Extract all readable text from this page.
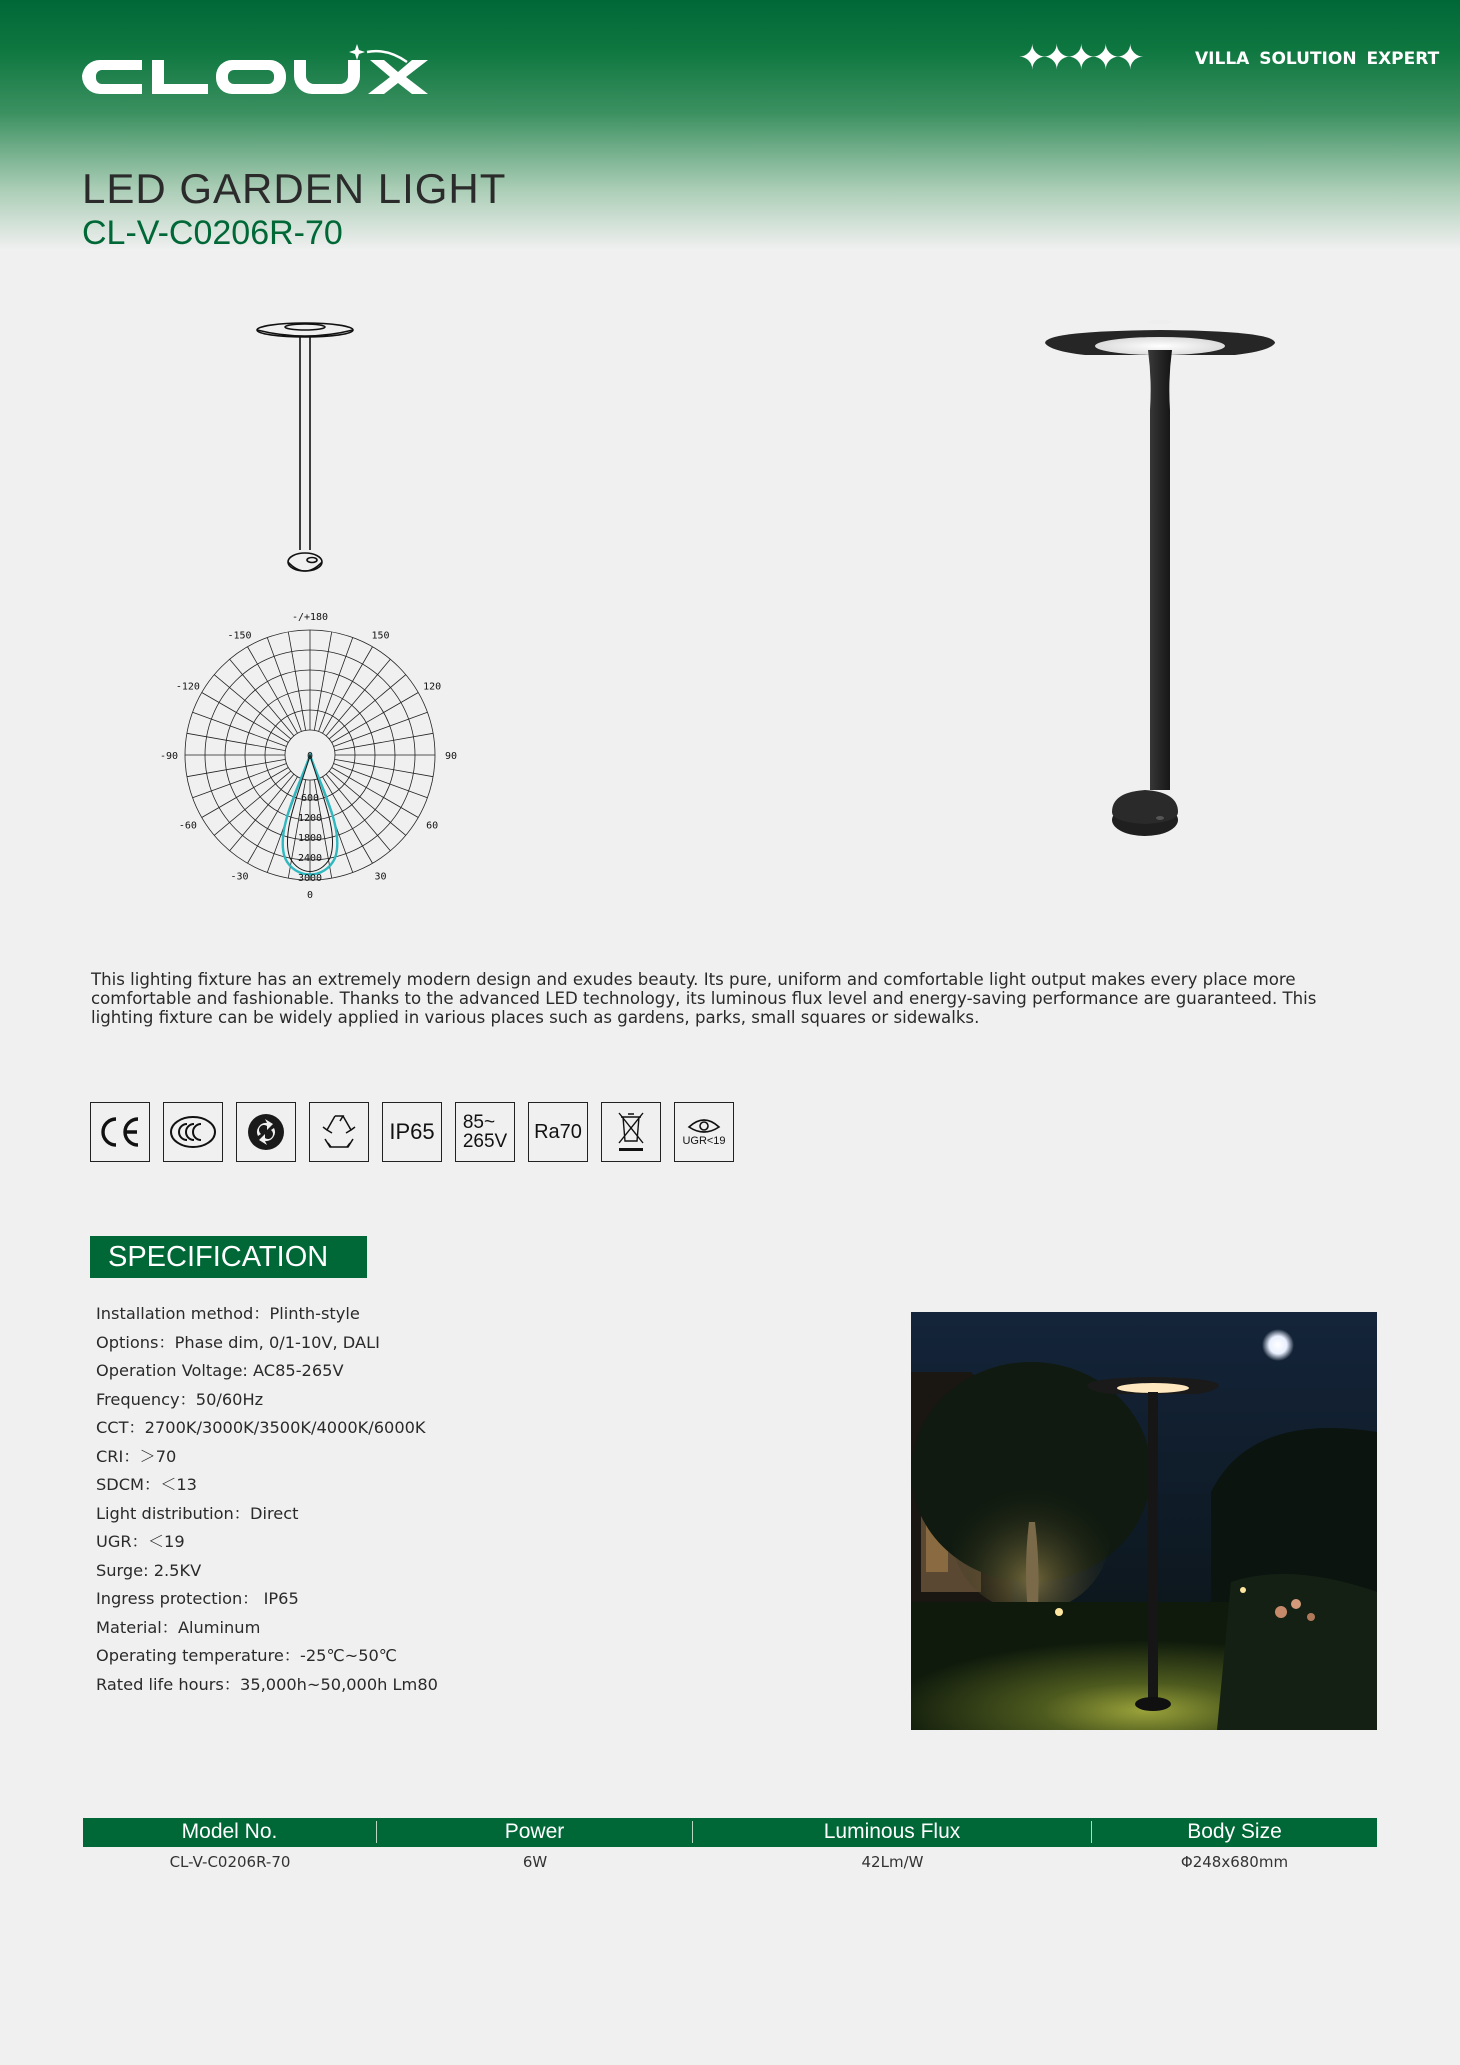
✦✦✦✦✦	VILLA SOLUTION EXPERT
LED GARDEN LIGHT
CL-V-C0206R-70
-/+180
-150	150
-120	120
-90	90
-60	60
-30	30
0
0
600
1200
1800
2400
3000
This lighting fixture has an extremely modern design and exudes beauty. Its pure, uniform and comfortable light output makes every place more comfortable and fashionable. Thanks to the advanced LED technology, its luminous flux level and energy-saving performance are guaranteed. This lighting fixture can be widely applied in various places such as gardens, parks, small squares or sidewalks.
IP65 85~
265V Ra70	UGR<19
SPECIFICATION
Installation method：Plinth-style
Options：Phase dim, 0/1-10V, DALI
Operation Voltage: AC85-265V
Frequency：50/60Hz
CCT：2700K/3000K/3500K/4000K/6000K
CRI：＞70
SDCM：＜13
Light distribution：Direct
UGR：＜19
Surge: 2.5KV
Ingress protection： IP65
Material：Aluminum
Operating temperature：-25℃~50℃
Rated life hours：35,000h~50,000h Lm80
Model No.	Power	Luminous Flux	Body Size
CL-V-C0206R-70	6W	42Lm/W	Φ248x680mm
